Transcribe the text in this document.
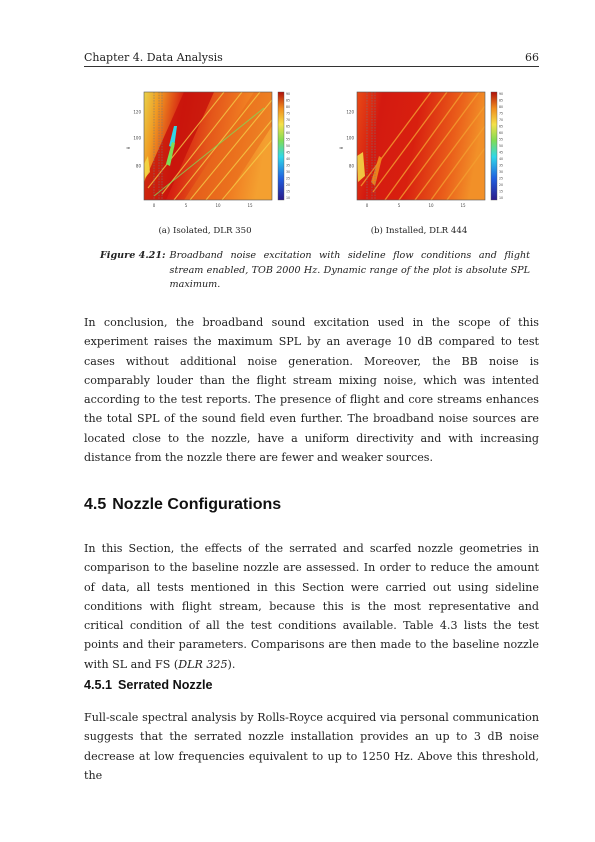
Chapter 4. Data Analysis	66
90
85
80
75
70
65
60
55
50
45
40
35
30
25
20
15
10
120
100
80
0	5	10	15
θ
90
85
80
75
70
65
60
55
50
45
40
35
30
25
20
15
10
120
100
80
0	5	10	15
θ
(a) Isolated, DLR 350	(b) Installed, DLR 444
Figure 4.21: Broadband noise excitation with sideline flow conditions and flight stream enabled, TOB 2000 Hz. Dynamic range of the plot is absolute SPL maximum.

In conclusion, the broadband sound excitation used in the scope of this experiment raises the maximum SPL by an average 10 dB compared to test cases without additional noise generation. Moreover, the BB noise is comparably louder than the flight stream mixing noise, which was intented according to the test reports. The presence of flight and core streams enhances the total SPL of the sound field even further. The broadband noise sources are located close to the nozzle, have a uniform directivity and with increasing distance from the nozzle there are fewer and weaker sources.

4.5 Nozzle Configurations

In this Section, the effects of the serrated and scarfed nozzle geometries in comparison to the baseline nozzle are assessed. In order to reduce the amount of data, all tests mentioned in this Section were carried out using sideline conditions with flight stream, because this is the most representative and critical condition of all the test conditions available. Table 4.3 lists the test points and their parameters. Comparisons are then made to the baseline nozzle with SL and FS (DLR 325).

4.5.1 Serrated Nozzle

Full-scale spectral analysis by Rolls-Royce acquired via personal communication suggests that the serrated nozzle installation provides an up to 3 dB noise decrease at low frequencies equivalent to up to 1250 Hz. Above this threshold, the
